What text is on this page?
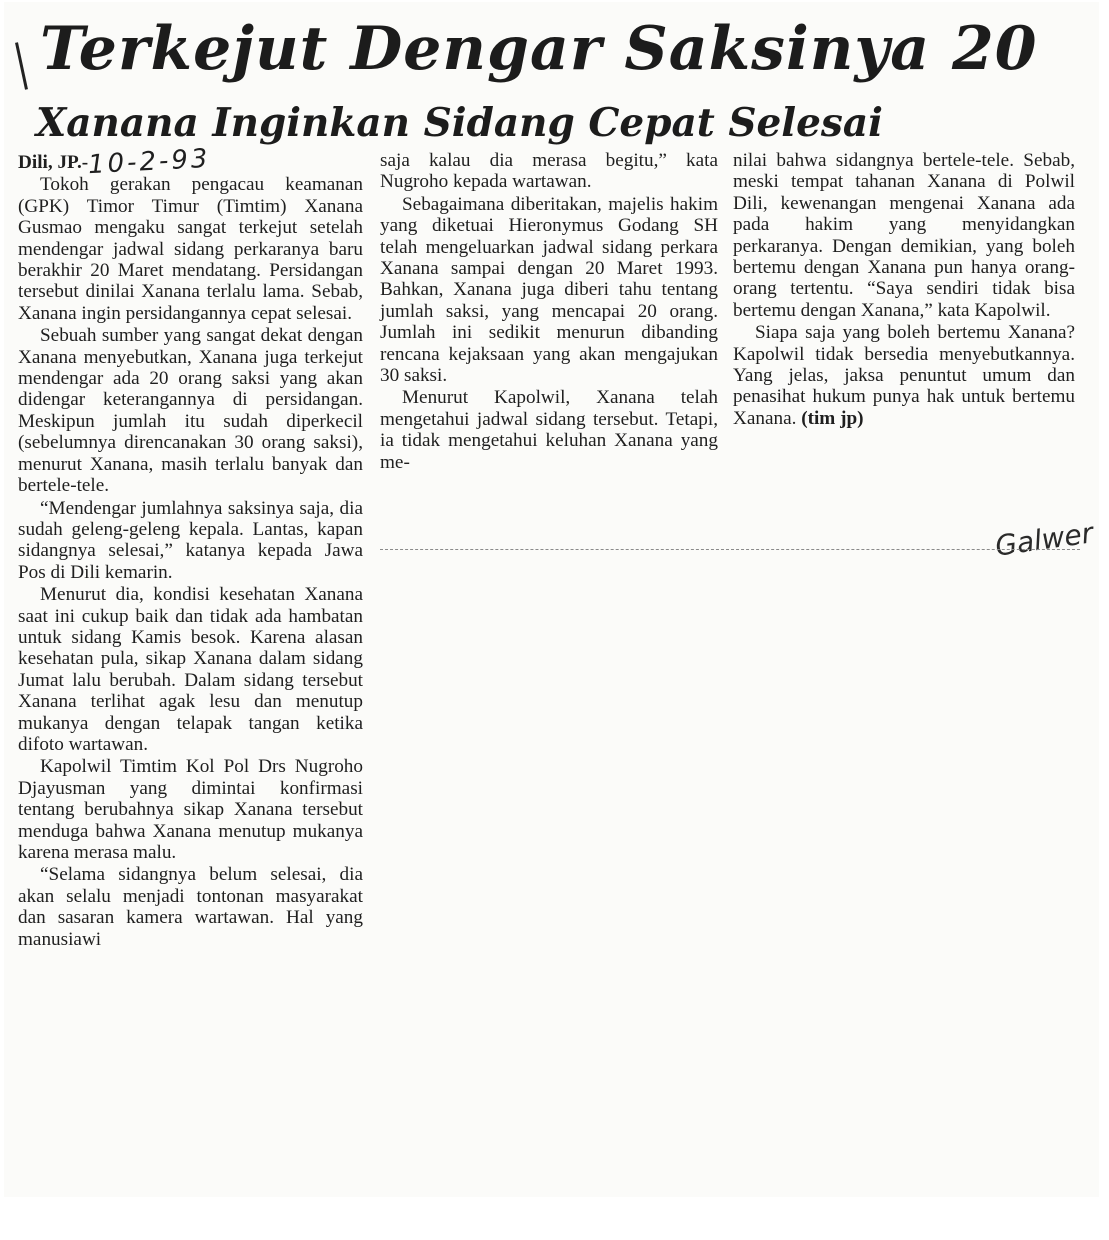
Terkejut Dengar Saksinya 20
Xanana Inginkan Sidang Cepat Selesai

Dili, JP.-10-2-93

Tokoh gerakan pengacau keamanan (GPK) Timor Timur (Timtim) Xanana Gusmao mengaku sangat terkejut setelah mendengar jadwal sidang perkaranya baru berakhir 20 Maret mendatang. Persidangan tersebut dinilai Xanana terlalu lama. Sebab, Xanana ingin persidangannya cepat selesai.

Sebuah sumber yang sangat dekat dengan Xanana menyebutkan, Xanana juga terkejut mendengar ada 20 orang saksi yang akan didengar keterangannya di persidangan. Meskipun jumlah itu sudah diperkecil (sebelumnya direncanakan 30 orang saksi), menurut Xanana, masih terlalu banyak dan bertele-tele.

“Mendengar jumlahnya saksinya saja, dia sudah geleng-geleng kepala. Lantas, kapan sidangnya selesai,” katanya kepada Jawa Pos di Dili kemarin.

Menurut dia, kondisi kesehatan Xanana saat ini cukup baik dan tidak ada hambatan untuk sidang Kamis besok. Karena alasan kesehatan pula, sikap Xanana dalam sidang Jumat lalu berubah. Dalam sidang tersebut Xanana terlihat agak lesu dan menutup mukanya dengan telapak tangan ketika difoto wartawan.

Kapolwil Timtim Kol Pol Drs Nugroho Djayusman yang dimintai konfirmasi tentang berubahnya sikap Xanana tersebut menduga bahwa Xanana menutup mukanya karena merasa malu.

“Selama sidangnya belum selesai, dia akan selalu menjadi tontonan masyarakat dan sasaran kamera wartawan. Hal yang manusiawi

saja kalau dia merasa begitu,” kata Nugroho kepada wartawan.

Sebagaimana diberitakan, majelis hakim yang diketuai Hieronymus Godang SH telah mengeluarkan jadwal sidang perkara Xanana sampai dengan 20 Maret 1993. Bahkan, Xanana juga diberi tahu tentang jumlah saksi, yang mencapai 20 orang. Jumlah ini sedikit menurun dibanding rencana kejaksaan yang akan mengajukan 30 saksi.

Menurut Kapolwil, Xanana telah mengetahui jadwal sidang tersebut. Tetapi, ia tidak mengetahui keluhan Xanana yang me-

nilai bahwa sidangnya bertele-tele. Sebab, meski tempat tahanan Xanana di Polwil Dili, kewenangan mengenai Xanana ada pada hakim yang menyidangkan perkaranya. Dengan demikian, yang boleh bertemu dengan Xanana pun hanya orang-orang tertentu. “Saya sendiri tidak bisa bertemu dengan Xanana,” kata Kapolwil.

Siapa saja yang boleh bertemu Xanana? Kapolwil tidak bersedia menyebutkannya. Yang jelas, jaksa penuntut umum dan penasihat hukum punya hak untuk bertemu Xanana. (tim jp)

Galwer
